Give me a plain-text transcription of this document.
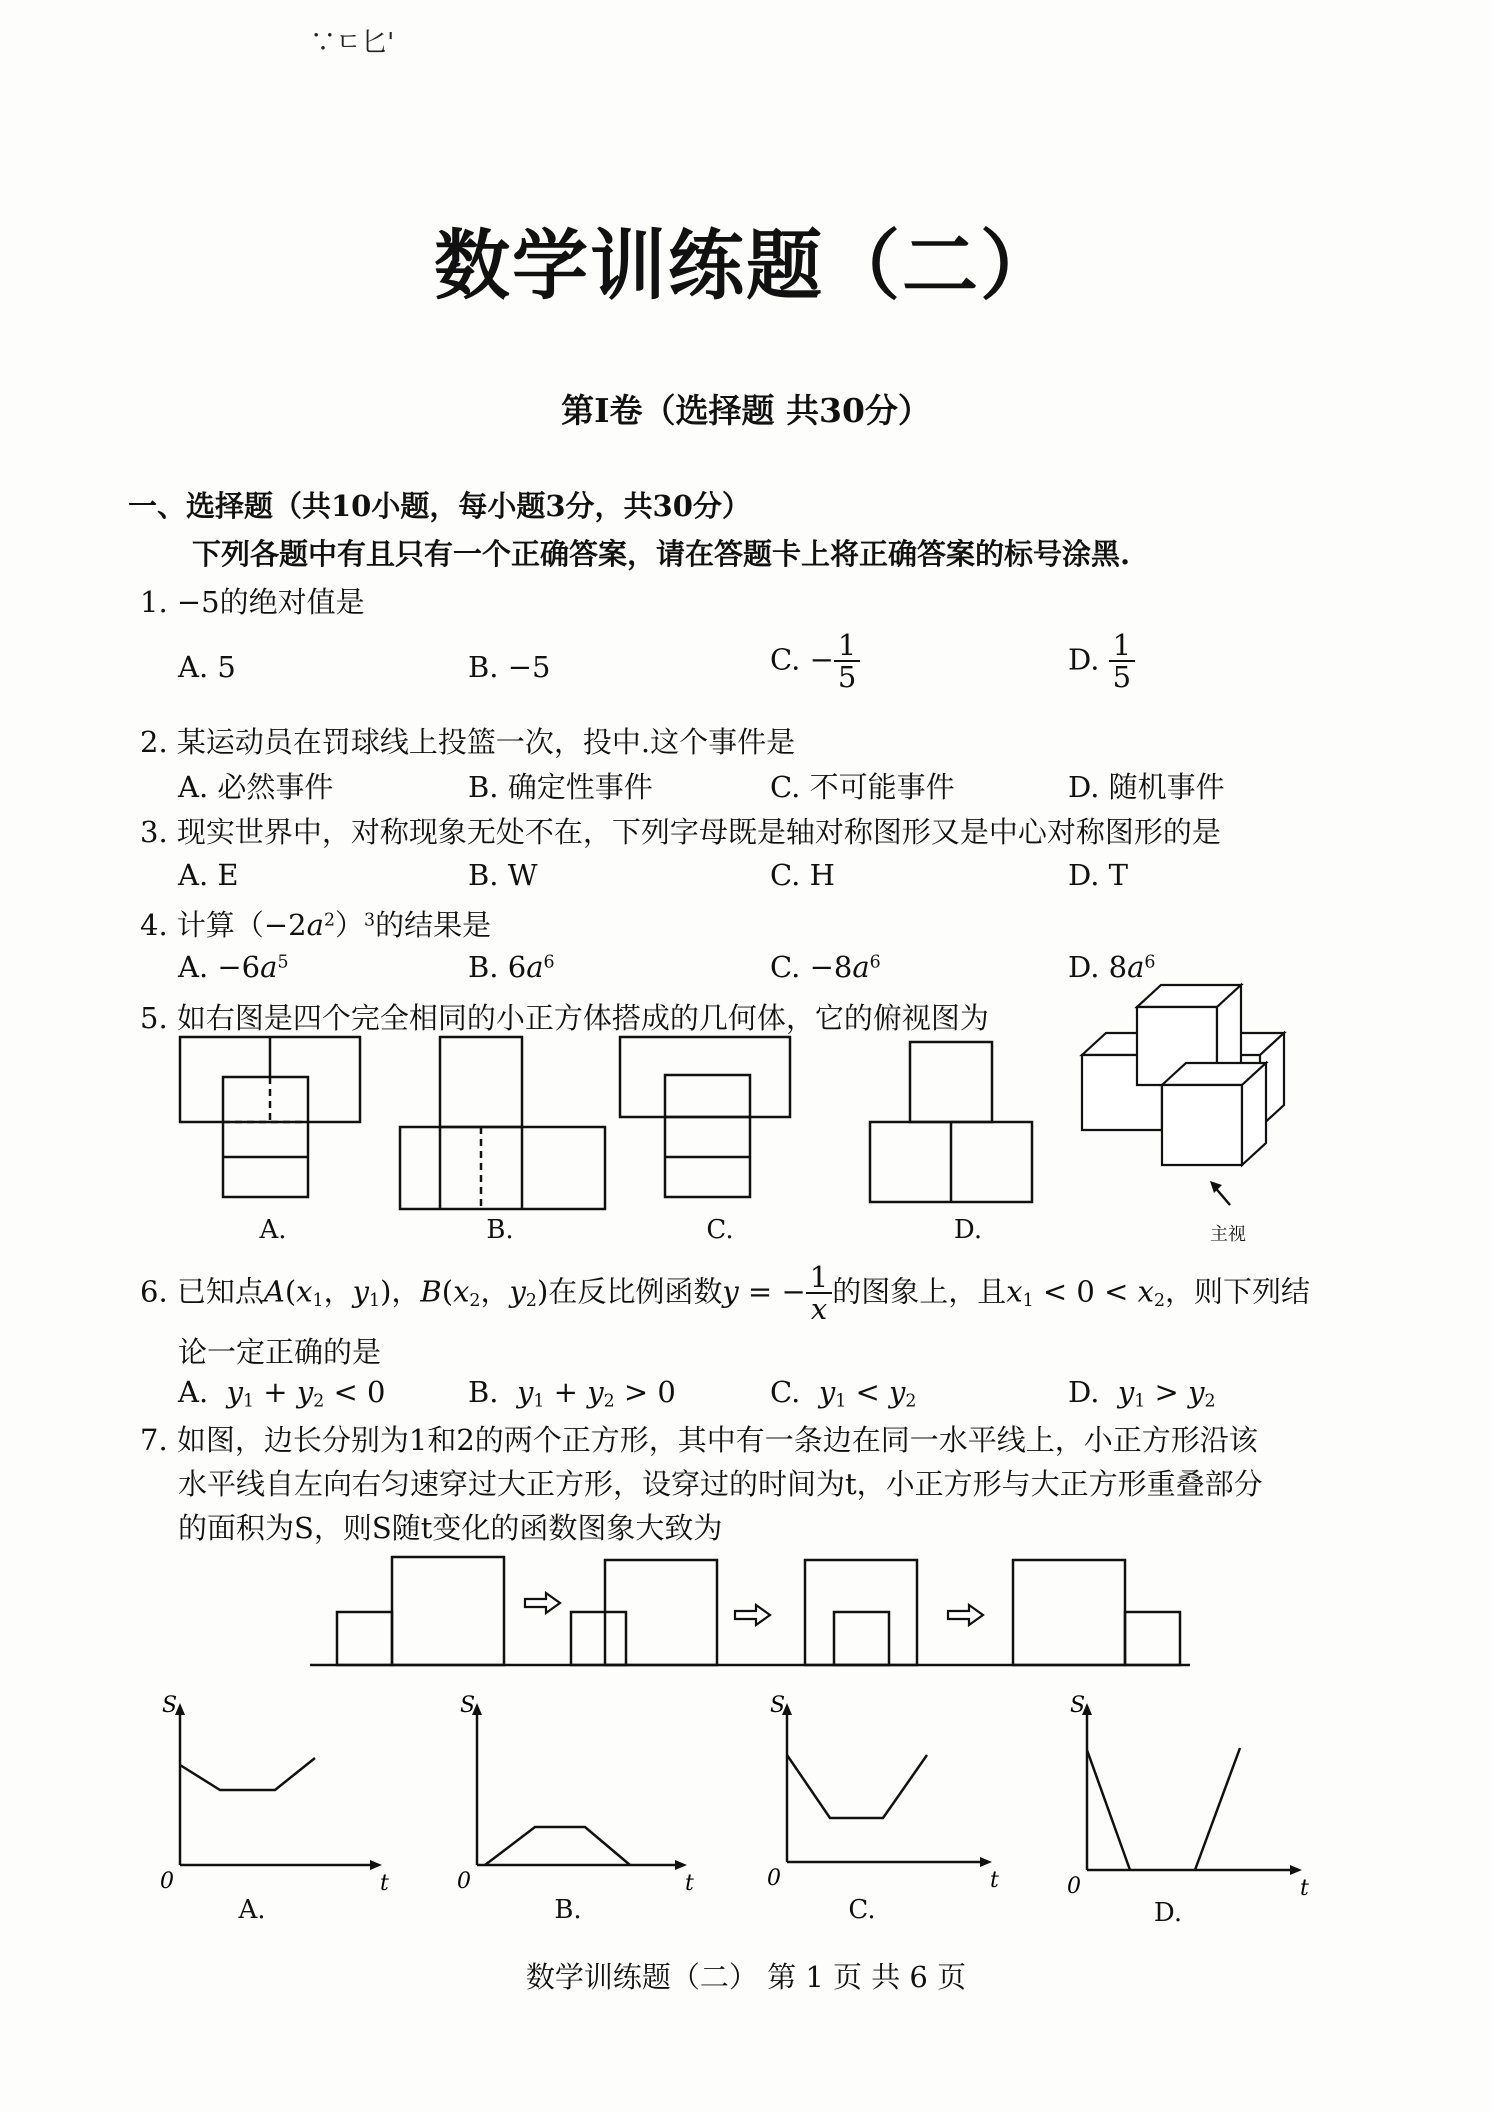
∵ㄷ匕'
数学训练题（二）
第Ⅰ卷（选择题 共30分）
一、选择题（共10小题，每小题3分，共30分）
下列各题中有且只有一个正确答案，请在答题卡上将正确答案的标号涂黑.
1. −5的绝对值是
A. 5	B. −5	C. − $\frac{1}{5}$	D. $\frac{1}{5}$
2. 某运动员在罚球线上投篮一次，投中.这个事件是
A. 必然事件	B. 确定性事件	C. 不可能事件	D. 随机事件
3. 现实世界中，对称现象无处不在，下列字母既是轴对称图形又是中心对称图形的是
A. E	B. W	C. H	D. T
4. 计算$(-2a^2)^3$的结果是
A. $-6a^5$	B. $6a^6$	C. $-8a^6$	D. $8a^6$
5. 如右图是四个完全相同的小正方体搭成的几何体，它的俯视图为
A.	B.	C.	D.	主视
6. 已知点$A(x_1$，$y_1$)，$B(x_2$，$y_2$)在反比例函数y = − $\frac{1}{x}$ 的图象上，且$x_1 < 0 < x_2$，则下列结
论一定正确的是
A. $y_1 + y_2 < 0$	B. $y_1 + y_2 > 0$	C. $y_1 < y_2$	D. $y_1 > y_2$
7. 如图，边长分别为1和2的两个正方形，其中有一条边在同一水平线上，小正方形沿该
水平线自左向右匀速穿过大正方形，设穿过的时间为t，小正方形与大正方形重叠部分
的面积为S，则S随t变化的函数图象大致为
S
t
0
A.
S
t
0
B.
S
t
0
C.
S
t
0
D.
数学训练题（二） 第 1 页 共 6 页
